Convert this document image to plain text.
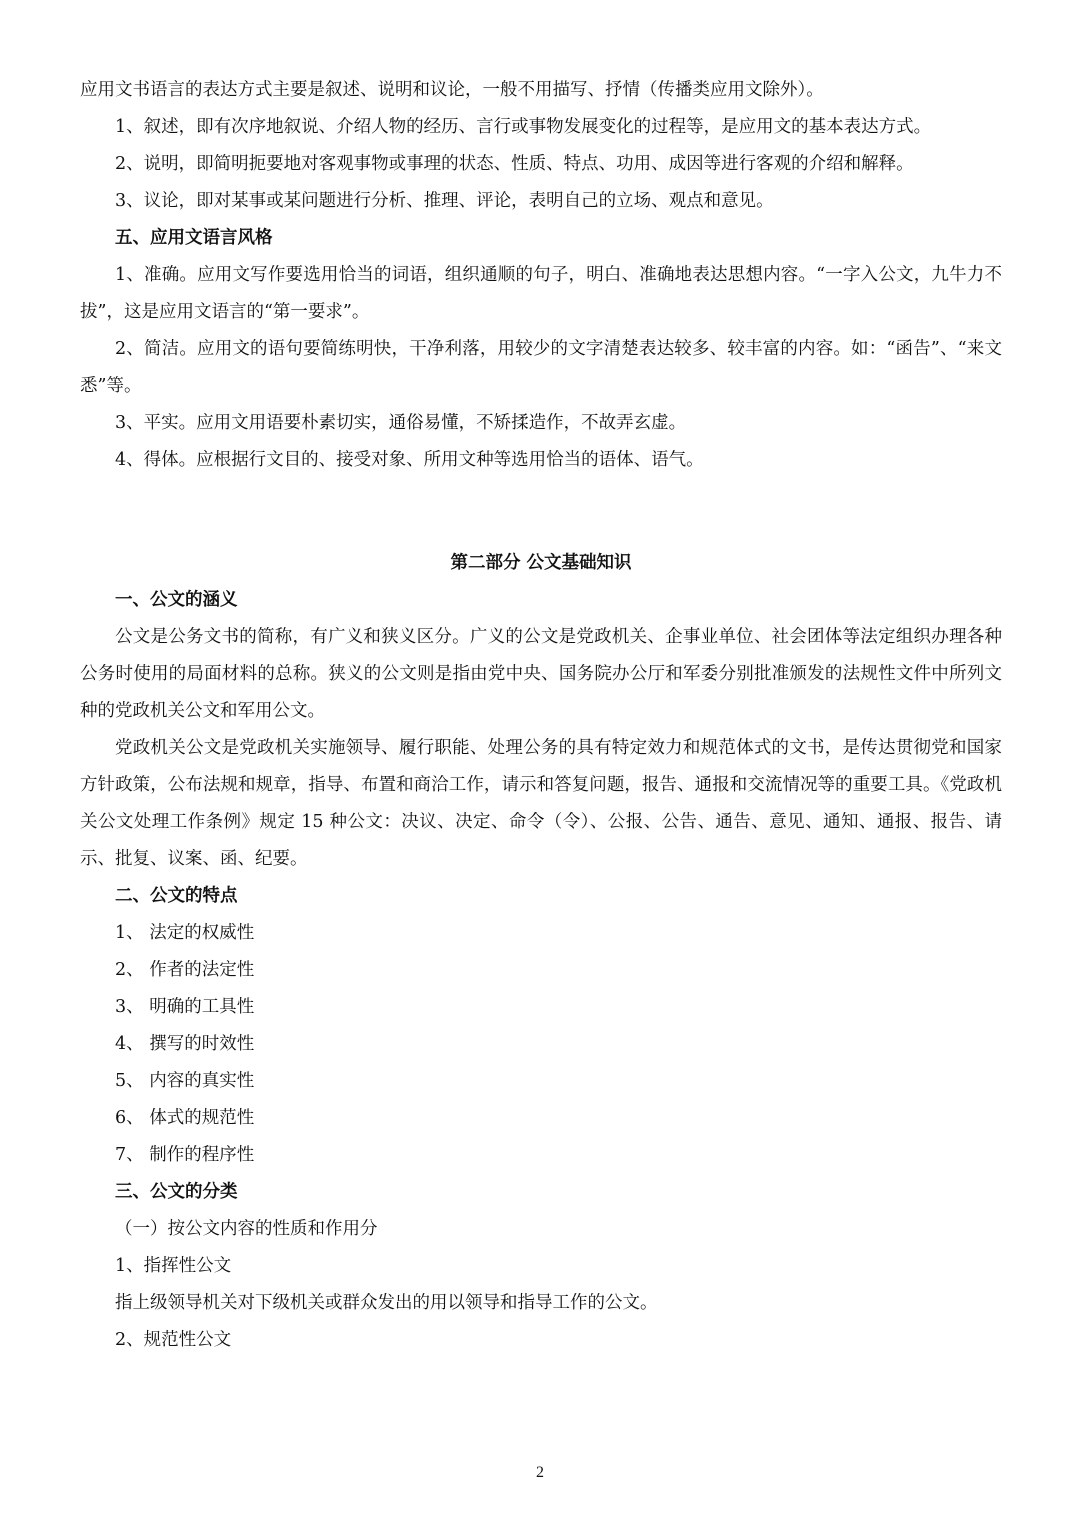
应用文书语言的表达方式主要是叙述、说明和议论，一般不用描写、抒情（传播类应用文除外）。

1、叙述，即有次序地叙说、介绍人物的经历、言行或事物发展变化的过程等，是应用文的基本表达方式。

2、说明，即简明扼要地对客观事物或事理的状态、性质、特点、功用、成因等进行客观的介绍和解释。

3、议论，即对某事或某问题进行分析、推理、评论，表明自己的立场、观点和意见。

五、应用文语言风格

1、准确。应用文写作要选用恰当的词语，组织通顺的句子，明白、准确地表达思想内容。“一字入公文，九牛力不拔”，这是应用文语言的“第一要求”。

2、简洁。应用文的语句要简练明快，干净利落，用较少的文字清楚表达较多、较丰富的内容。如：“函告”、“来文悉”等。

3、平实。应用文用语要朴素切实，通俗易懂，不矫揉造作，不故弄玄虚。

4、得体。应根据行文目的、接受对象、所用文种等选用恰当的语体、语气。

第二部分 公文基础知识

一、公文的涵义

公文是公务文书的简称，有广义和狭义区分。广义的公文是党政机关、企事业单位、社会团体等法定组织办理各种公务时使用的局面材料的总称。狭义的公文则是指由党中央、国务院办公厅和军委分别批准颁发的法规性文件中所列文种的党政机关公文和军用公文。

党政机关公文是党政机关实施领导、履行职能、处理公务的具有特定效力和规范体式的文书，是传达贯彻党和国家方针政策，公布法规和规章，指导、布置和商洽工作，请示和答复问题，报告、通报和交流情况等的重要工具。《党政机关公文处理工作条例》规定 15 种公文：决议、决定、命令（令）、公报、公告、通告、意见、通知、通报、报告、请示、批复、议案、函、纪要。

二、公文的特点

1、 法定的权威性

2、 作者的法定性

3、 明确的工具性

4、 撰写的时效性

5、 内容的真实性

6、 体式的规范性

7、 制作的程序性

三、公文的分类

（一）按公文内容的性质和作用分

1、指挥性公文

指上级领导机关对下级机关或群众发出的用以领导和指导工作的公文。

2、规范性公文

2
